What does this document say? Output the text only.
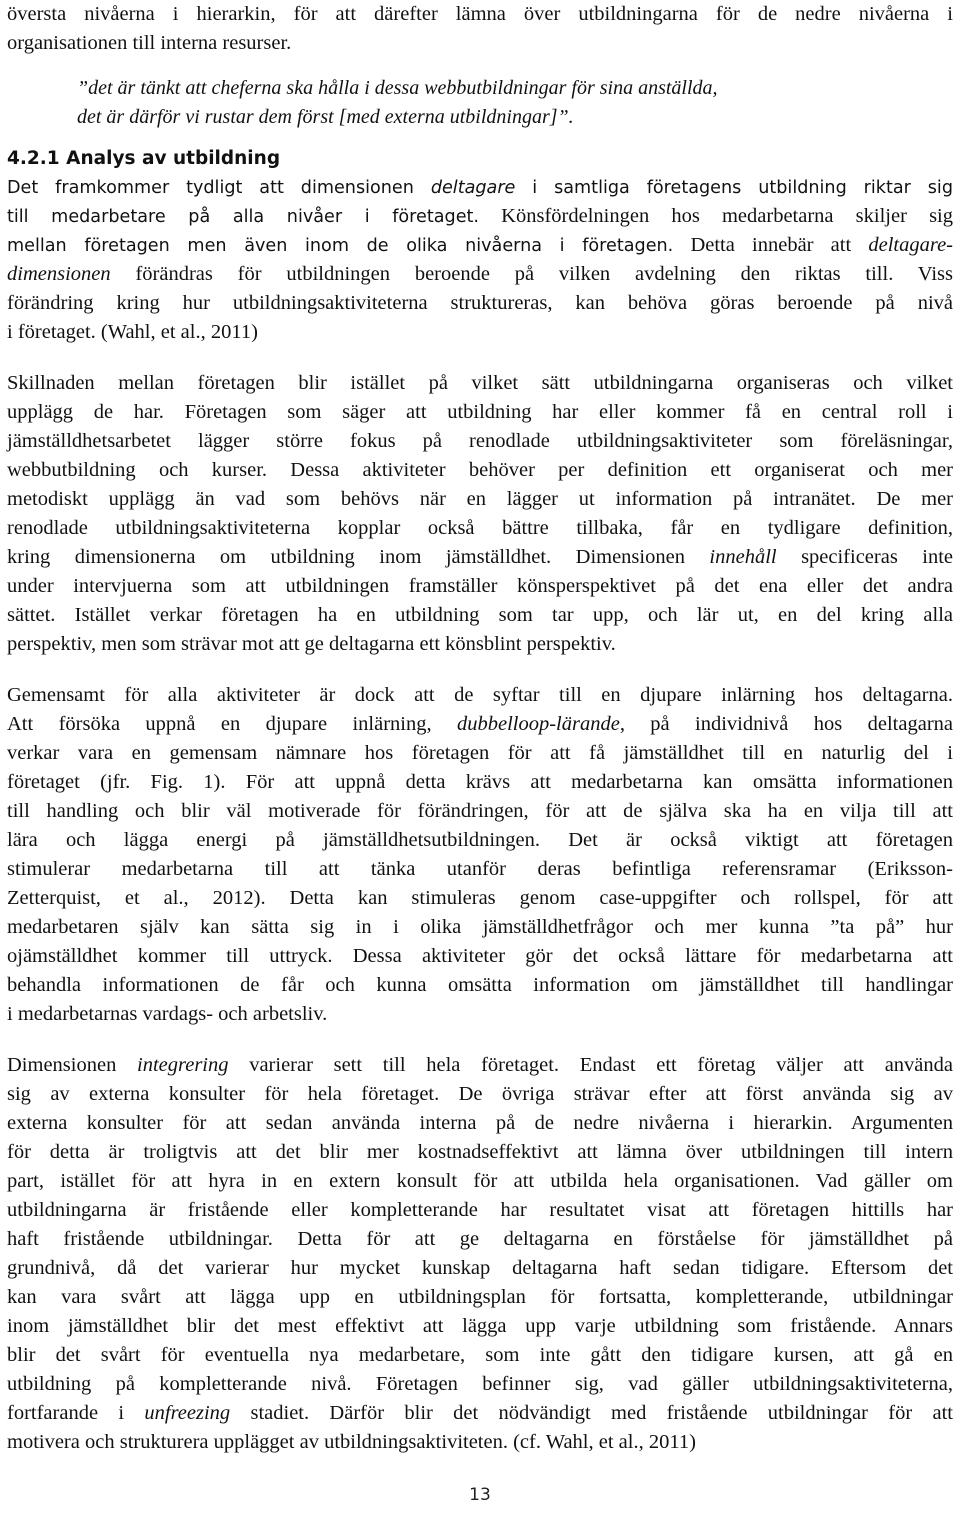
översta nivåerna i hierarkin, för att därefter lämna över utbildningarna för de nedre nivåerna i
organisationen till interna resurser.
”det är tänkt att cheferna ska hålla i dessa webbutbildningar för sina anställda,
det är därför vi rustar dem först [med externa utbildningar]”.
4.2.1 Analys av utbildning
Det framkommer tydligt att dimensionen deltagare i samtliga företagens utbildning riktar sig
till medarbetare på alla nivåer i företaget. Könsfördelningen hos medarbetarna skiljer sig
mellan företagen men även inom de olika nivåerna i företagen. Detta innebär att deltagare-
dimensionen förändras för utbildningen beroende på vilken avdelning den riktas till. Viss
förändring kring hur utbildningsaktiviteterna struktureras, kan behöva göras beroende på nivå
i företaget. (Wahl, et al., 2011)
Skillnaden mellan företagen blir istället på vilket sätt utbildningarna organiseras och vilket
upplägg de har. Företagen som säger att utbildning har eller kommer få en central roll i
jämställdhetsarbetet lägger större fokus på renodlade utbildningsaktiviteter som föreläsningar,
webbutbildning och kurser. Dessa aktiviteter behöver per definition ett organiserat och mer
metodiskt upplägg än vad som behövs när en lägger ut information på intranätet. De mer
renodlade utbildningsaktiviteterna kopplar också bättre tillbaka, får en tydligare definition,
kring dimensionerna om utbildning inom jämställdhet. Dimensionen innehåll specificeras inte
under intervjuerna som att utbildningen framställer könsperspektivet på det ena eller det andra
sättet. Istället verkar företagen ha en utbildning som tar upp, och lär ut, en del kring alla
perspektiv, men som strävar mot att ge deltagarna ett könsblint perspektiv.
Gemensamt för alla aktiviteter är dock att de syftar till en djupare inlärning hos deltagarna.
Att försöka uppnå en djupare inlärning, dubbelloop-lärande, på individnivå hos deltagarna
verkar vara en gemensam nämnare hos företagen för att få jämställdhet till en naturlig del i
företaget (jfr. Fig. 1). För att uppnå detta krävs att medarbetarna kan omsätta informationen
till handling och blir väl motiverade för förändringen, för att de själva ska ha en vilja till att
lära och lägga energi på jämställdhetsutbildningen. Det är också viktigt att företagen
stimulerar medarbetarna till att tänka utanför deras befintliga referensramar (Eriksson-
Zetterquist, et al., 2012). Detta kan stimuleras genom case-uppgifter och rollspel, för att
medarbetaren själv kan sätta sig in i olika jämställdhetfrågor och mer kunna ”ta på” hur
ojämställdhet kommer till uttryck. Dessa aktiviteter gör det också lättare för medarbetarna att
behandla informationen de får och kunna omsätta information om jämställdhet till handlingar
i medarbetarnas vardags- och arbetsliv.
Dimensionen integrering varierar sett till hela företaget. Endast ett företag väljer att använda
sig av externa konsulter för hela företaget. De övriga strävar efter att först använda sig av
externa konsulter för att sedan använda interna på de nedre nivåerna i hierarkin. Argumenten
för detta är troligtvis att det blir mer kostnadseffektivt att lämna över utbildningen till intern
part, istället för att hyra in en extern konsult för att utbilda hela organisationen. Vad gäller om
utbildningarna är fristående eller kompletterande har resultatet visat att företagen hittills har
haft fristående utbildningar. Detta för att ge deltagarna en förståelse för jämställdhet på
grundnivå, då det varierar hur mycket kunskap deltagarna haft sedan tidigare. Eftersom det
kan vara svårt att lägga upp en utbildningsplan för fortsatta, kompletterande, utbildningar
inom jämställdhet blir det mest effektivt att lägga upp varje utbildning som fristående. Annars
blir det svårt för eventuella nya medarbetare, som inte gått den tidigare kursen, att gå en
utbildning på kompletterande nivå. Företagen befinner sig, vad gäller utbildningsaktiviteterna,
fortfarande i unfreezing stadiet. Därför blir det nödvändigt med fristående utbildningar för att
motivera och strukturera upplägget av utbildningsaktiviteten. (cf. Wahl, et al., 2011)
13
